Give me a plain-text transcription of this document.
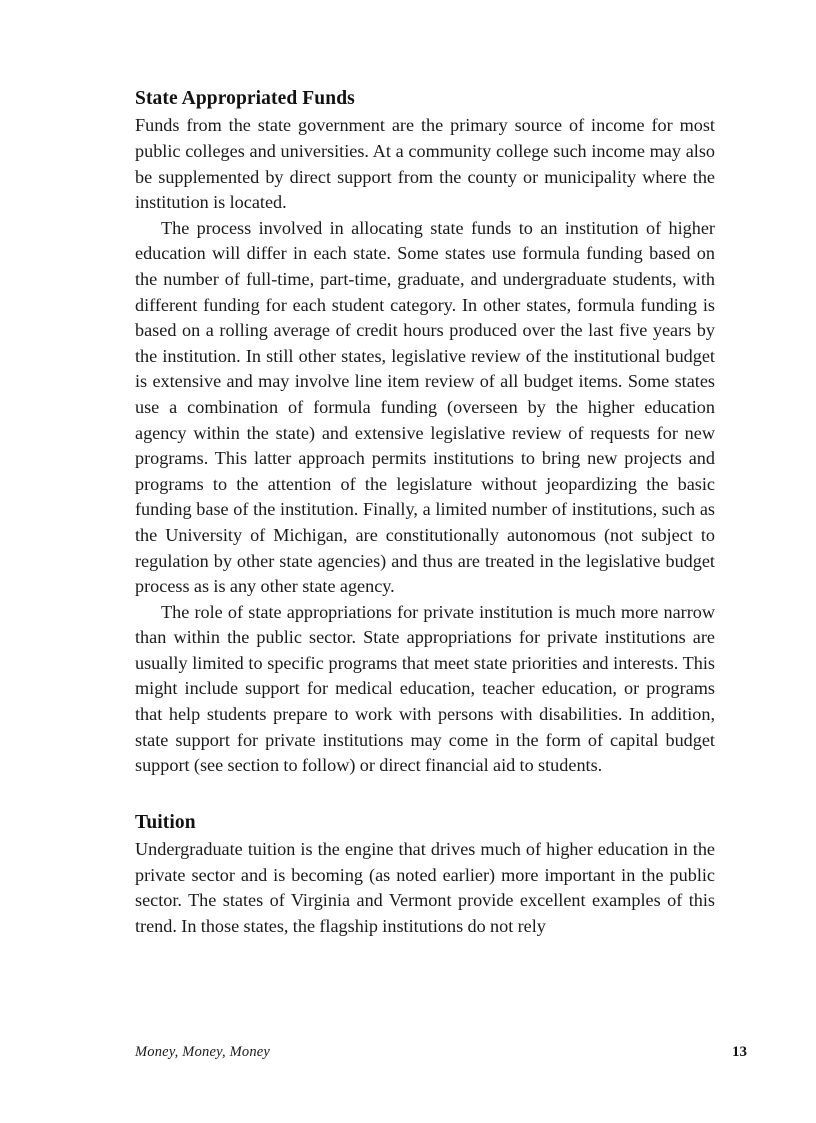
State Appropriated Funds

Funds from the state government are the primary source of income for most public colleges and universities. At a community college such income may also be supplemented by direct support from the county or municipality where the institution is located.

The process involved in allocating state funds to an institution of higher education will differ in each state. Some states use formula funding based on the number of full-time, part-time, graduate, and undergraduate students, with different funding for each student category. In other states, formula funding is based on a rolling average of credit hours produced over the last five years by the institution. In still other states, legislative review of the institutional budget is extensive and may involve line item review of all budget items. Some states use a combination of formula funding (overseen by the higher education agency within the state) and extensive legislative review of requests for new programs. This latter approach permits institutions to bring new projects and programs to the attention of the legislature without jeopardizing the basic funding base of the institution. Finally, a limited number of institutions, such as the University of Michigan, are constitutionally autonomous (not subject to regulation by other state agencies) and thus are treated in the legislative budget process as is any other state agency.

The role of state appropriations for private institution is much more narrow than within the public sector. State appropriations for private institutions are usually limited to specific programs that meet state priorities and interests. This might include support for medical education, teacher education, or programs that help students prepare to work with persons with disabilities. In addition, state support for private institutions may come in the form of capital budget support (see section to follow) or direct financial aid to students.

Tuition

Undergraduate tuition is the engine that drives much of higher education in the private sector and is becoming (as noted earlier) more important in the public sector. The states of Virginia and Vermont provide excellent examples of this trend. In those states, the flagship institutions do not rely

Money, Money, Money	13
